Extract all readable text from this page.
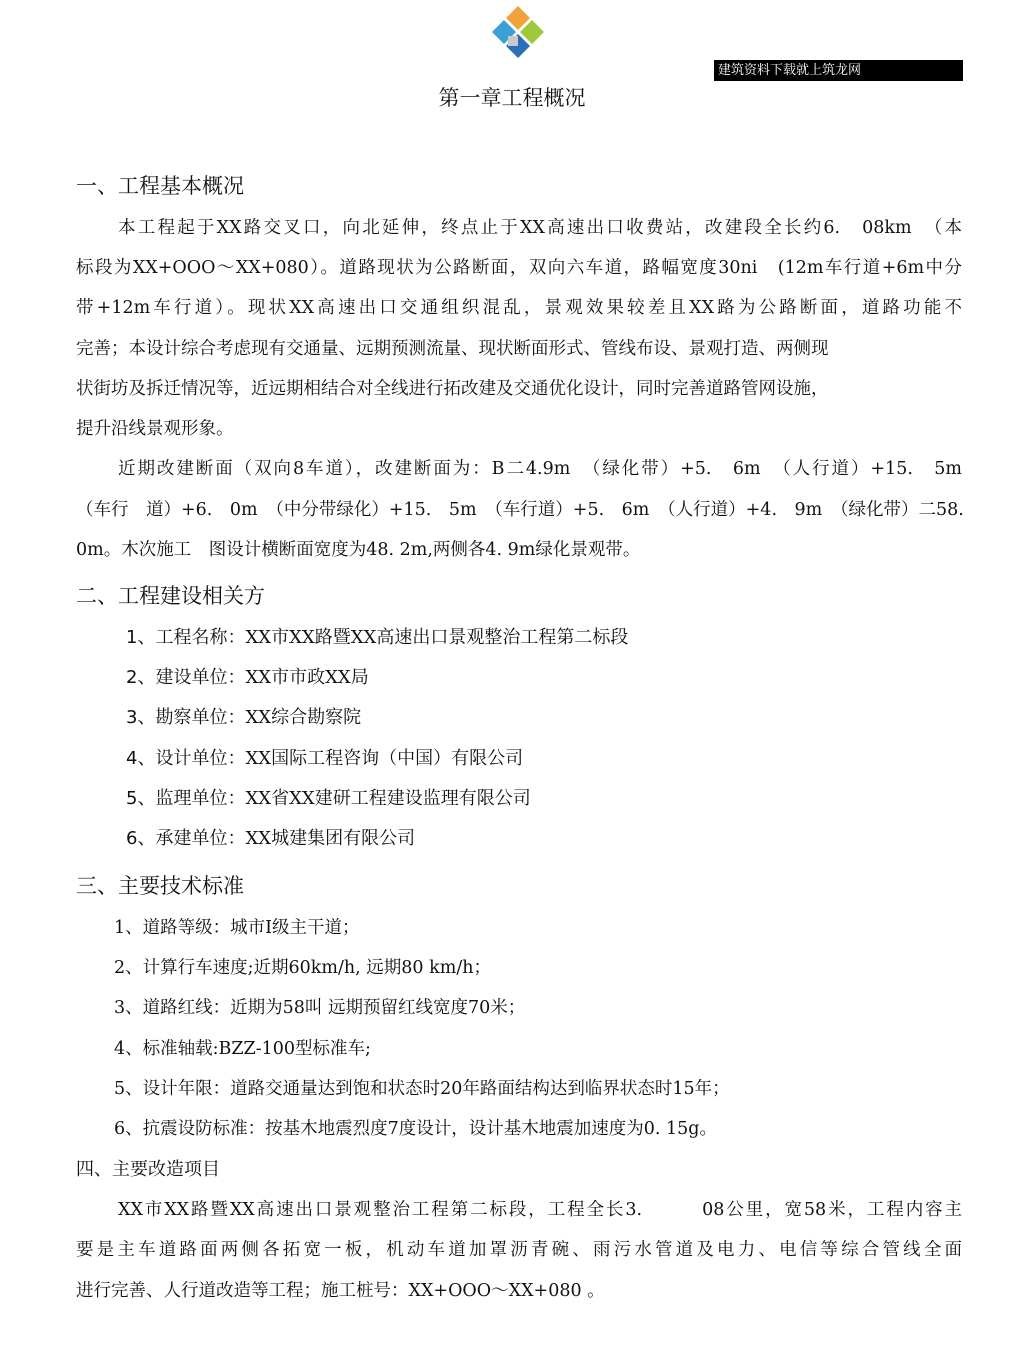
建筑资料下载就上筑龙网
第一章工程概况
一、工程基本概况
本工程起于XX路交叉口，向北延伸，终点止于XX高速出口收费站，改建段全长约6.　08km　（本
标段为XX+OOO～XX+080）。道路现状为公路断面，双向六车道，路幅宽度30ni　(12m车行道+6m中分
带+12m车行道）。现状XX高速出口交通组织混乱，景观效果较差且XX路为公路断面，道路功能不
完善；本设计综合考虑现有交通量、远期预测流量、现状断面形式、管线布设、景观打造、两侧现
状街坊及拆迁情况等，近远期相结合对全线进行拓改建及交通优化设计，同时完善道路管网设施，
提升沿线景观形象。
近期改建断面（双向8车道），改建断面为：B二4.9m　（绿化带）+5.　6m　（人行道）+15.　5m
（车行　道）+6.　0m　（中分带绿化）+15.　5m　（车行道）+5.　6m　（人行道）+4.　9m　（绿化带）二58.
0m。木次施工　图设计横断面宽度为48. 2m,两侧各4. 9m绿化景观带。
二、工程建设相关方
1、工程名称：XX市XX路暨XX高速出口景观整治工程第二标段
2、建设单位：XX市市政XX局
3、勘察单位：XX综合勘察院
4、设计单位：XX国际工程咨询（中国）有限公司
5、监理单位：XX省XX建研工程建设监理有限公司
6、承建单位：XX城建集团有限公司
三、主要技术标准
1、道路等级：城市I级主干道；
2、计算行车速度;近期60km/h, 远期80 km/h；
3、道路红线：近期为58叫 远期预留红线宽度70米；
4、标准轴载:BZZ-100型标准车;
5、设计年限：道路交通量达到饱和状态时20年路面结构达到临界状态时15年；
6、抗震设防标准：按基木地震烈度7度设计，设计基木地震加速度为0. 15g。
四、主要改造项目
XX市XX路暨XX高速出口景观整治工程第二标段，工程全长3.　　　08公里，宽58米，工程内容主
要是主车道路面两侧各拓宽一板，机动车道加罩沥青碗、雨污水管道及电力、电信等综合管线全面
进行完善、人行道改造等工程；施工桩号：XX+OOO～XX+080 。
